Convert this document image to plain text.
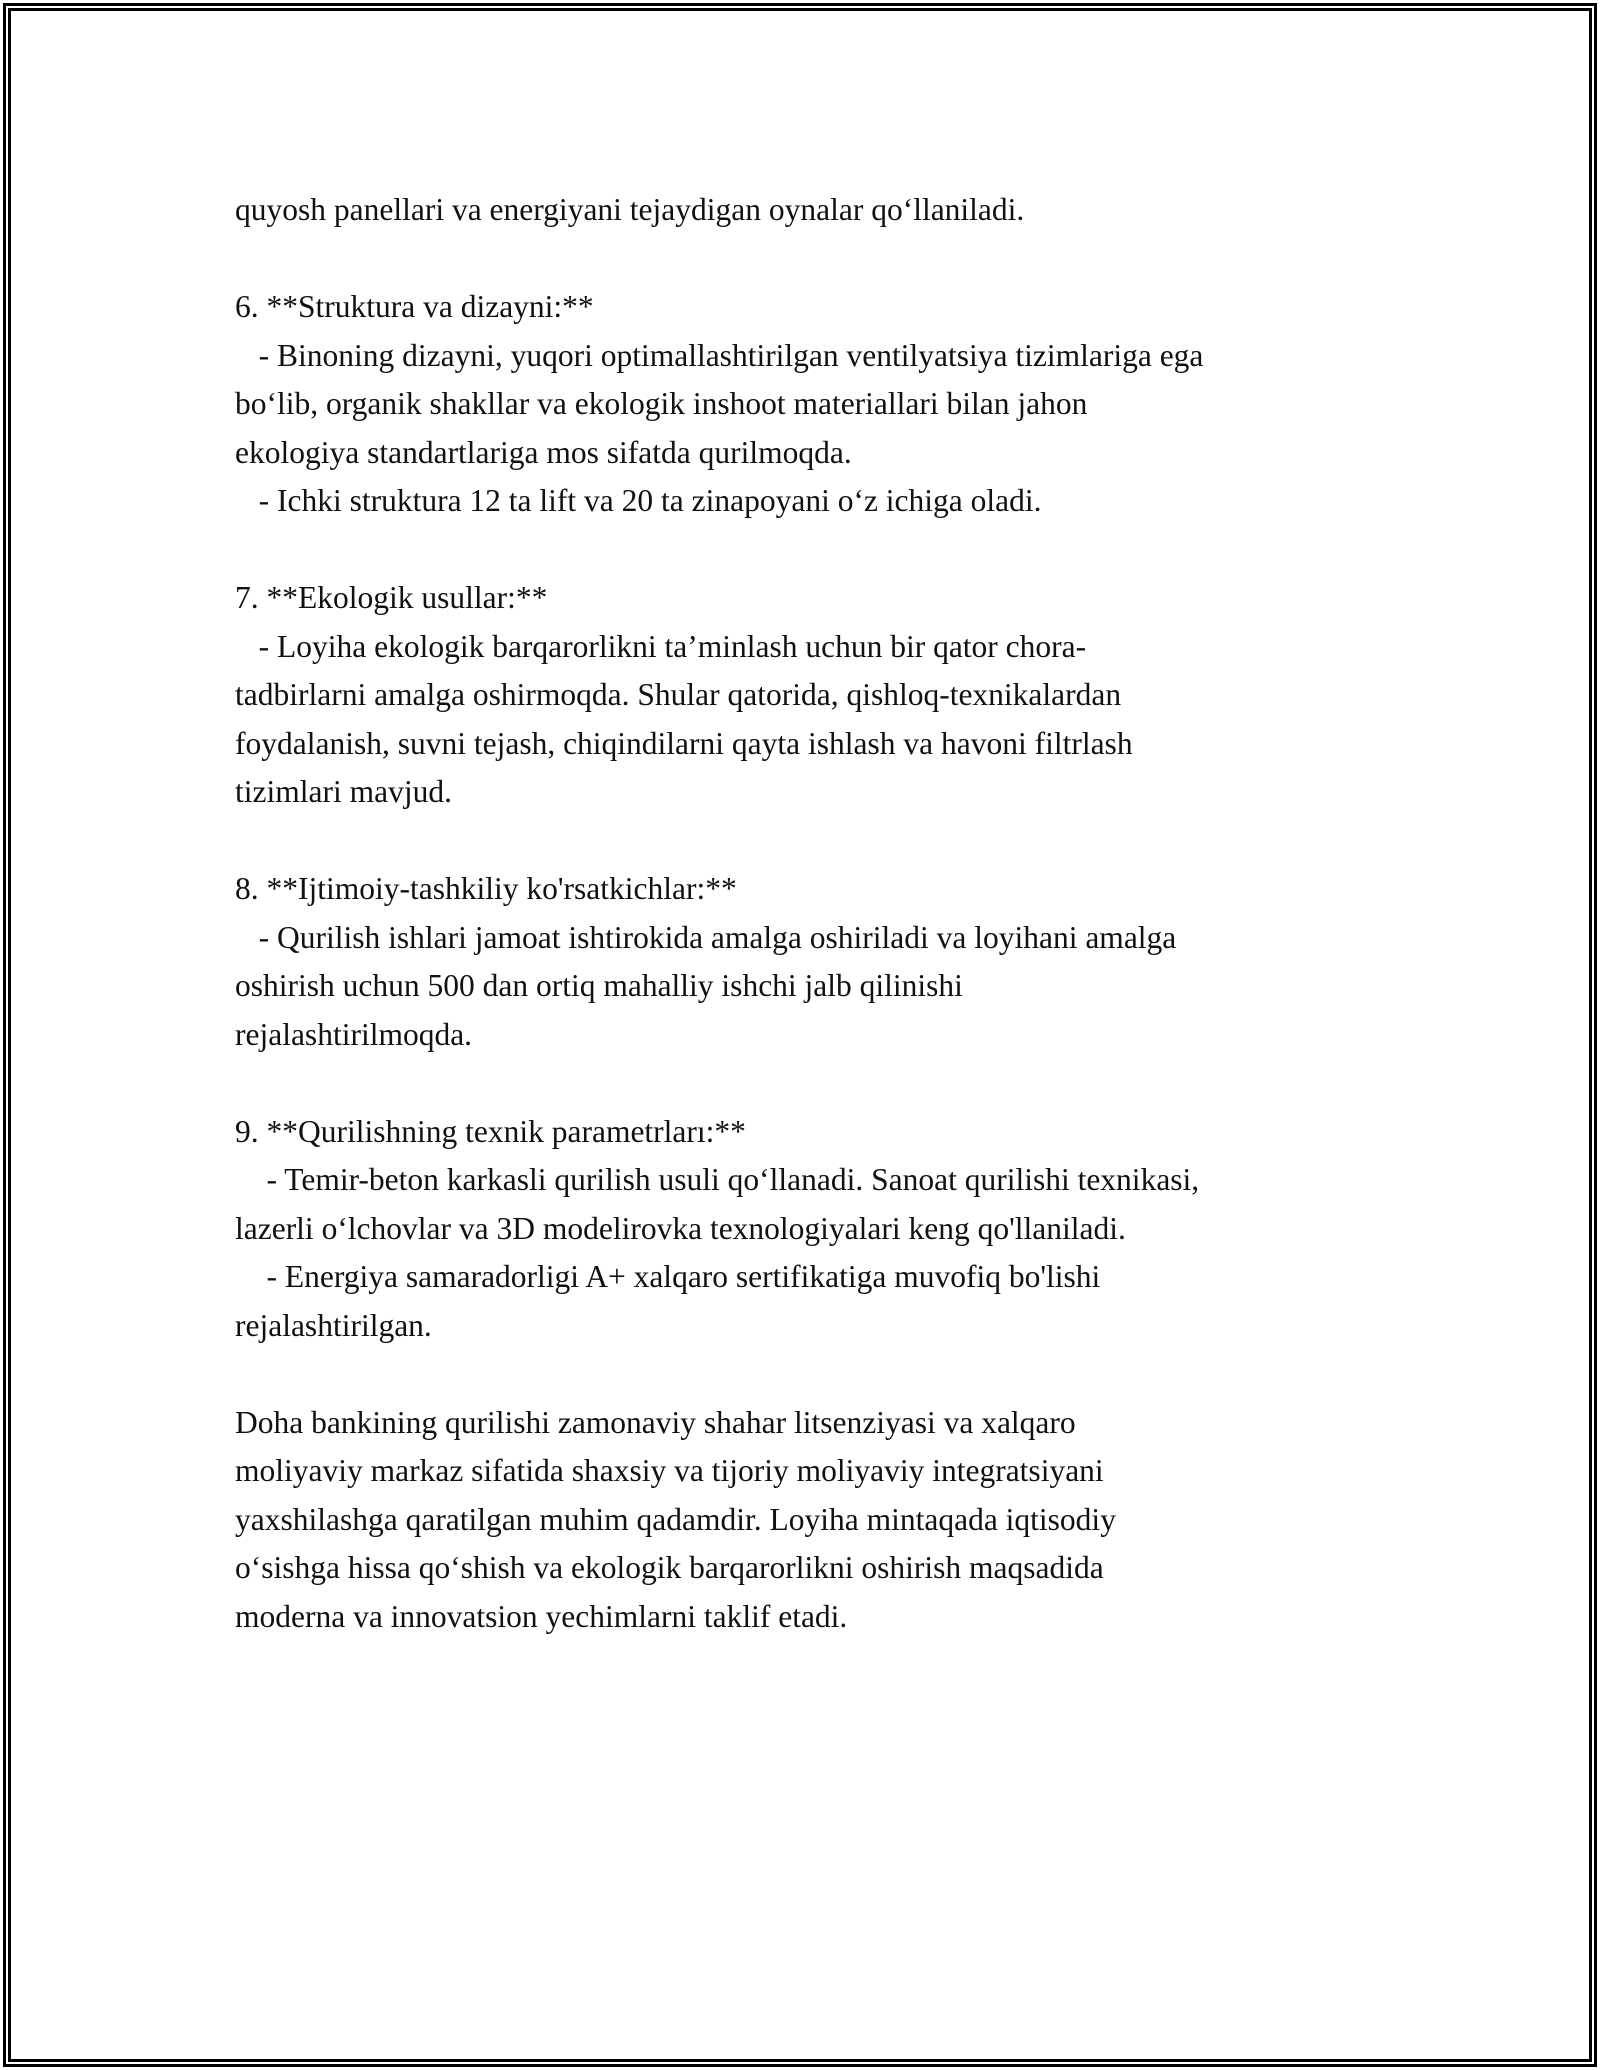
quyosh panellari va energiyani tejaydigan oynalar qo‘llaniladi.
6. **Struktura va dizayni:**
- Binoning dizayni, yuqori optimallashtirilgan ventilyatsiya tizimlariga ega
bo‘lib, organik shakllar va ekologik inshoot materiallari bilan jahon
ekologiya standartlariga mos sifatda qurilmoqda.
- Ichki struktura 12 ta lift va 20 ta zinapoyani o‘z ichiga oladi.
7. **Ekologik usullar:**
- Loyiha ekologik barqarorlikni ta’minlash uchun bir qator chora-
tadbirlarni amalga oshirmoqda. Shular qatorida, qishloq-texnikalardan
foydalanish, suvni tejash, chiqindilarni qayta ishlash va havoni filtrlash
tizimlari mavjud.
8. **Ijtimoiy-tashkiliy ko'rsatkichlar:**
- Qurilish ishlari jamoat ishtirokida amalga oshiriladi va loyihani amalga
oshirish uchun 500 dan ortiq mahalliy ishchi jalb qilinishi
rejalashtirilmoqda.
9. **Qurilishning texnik parametrları:**
- Temir-beton karkasli qurilish usuli qo‘llanadi. Sanoat qurilishi texnikasi,
lazerli o‘lchovlar va 3D modelirovka texnologiyalari keng qo'llaniladi.
- Energiya samaradorligi A+ xalqaro sertifikatiga muvofiq bo'lishi
rejalashtirilgan.
Doha bankining qurilishi zamonaviy shahar litsenziyasi va xalqaro
moliyaviy markaz sifatida shaxsiy va tijoriy moliyaviy integratsiyani
yaxshilashga qaratilgan muhim qadamdir. Loyiha mintaqada iqtisodiy
o‘sishga hissa qo‘shish va ekologik barqarorlikni oshirish maqsadida
moderna va innovatsion yechimlarni taklif etadi.
